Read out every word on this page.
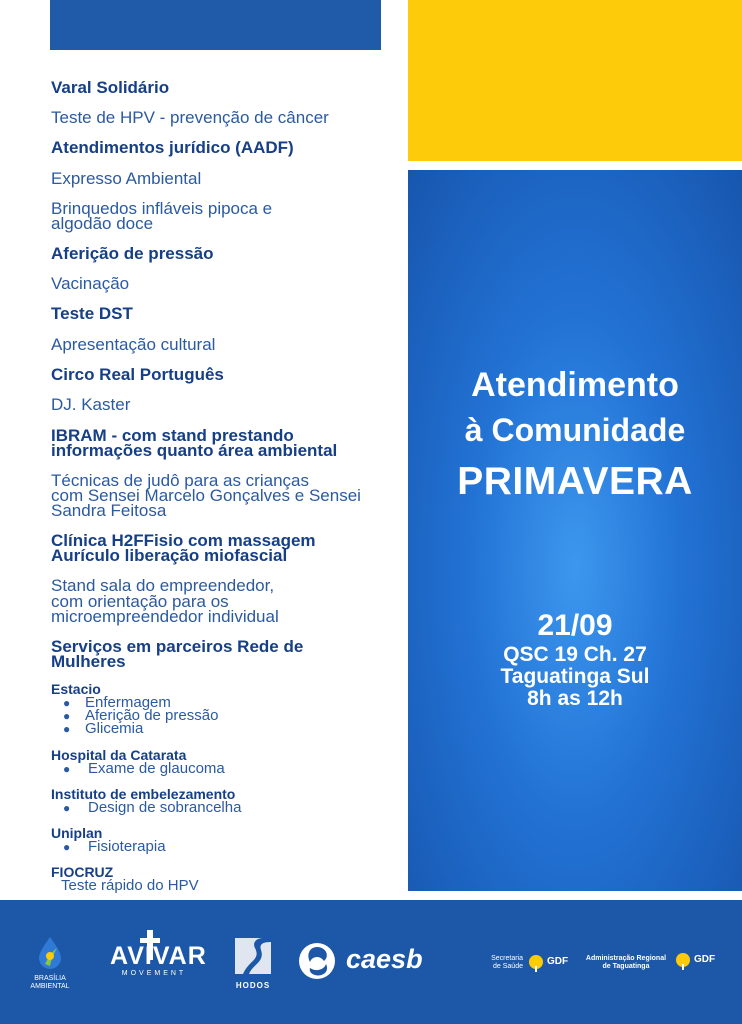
Atendimento
à Comunidade
PRIMAVERA
21/09
QSC 19 Ch. 27
Taguatinga Sul
8h as 12h
Varal Solidário
Teste de HPV - prevenção de câncer
Atendimentos jurídico (AADF)
Expresso Ambiental
Brinquedos infláveis pipoca e
algodão doce
Aferição de pressão
Vacinação
Teste DST
Apresentação cultural
Circo Real Português
DJ. Kaster
IBRAM - com stand prestando
informações quanto área ambiental
Técnicas de judô para as crianças
com Sensei Marcelo Gonçalves e Sensei
Sandra Feitosa
Clínica H2FFisio com massagem
Aurículo liberação miofascial
Stand sala do empreendedor,
com orientação para os
microempreendedor individual
Serviços em parceiros Rede de
Mulheres
Estacio
● Enfermagem
● Aferição de pressão
● Glicemia
Hospital da Catarata
● Exame de glaucoma
Instituto de embelezamento
● Design de sobrancelha
Uniplan
● Fisioterapia
FIOCRUZ
Teste rápido do HPV
BRASÍLIA
AMBIENTAL
AVIVAR
MOVEMENT
HODOS
caesb	Secretaria
de Saúde GDF	Administração Regional
de Taguatinga
GDF
